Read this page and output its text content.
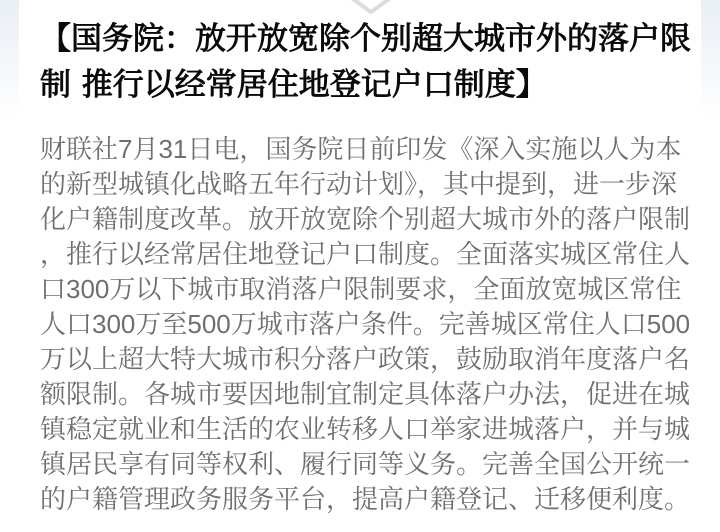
【国务院：放开放宽除个别超大城市外的落户限制 推行以经常居住地登记户口制度】

财联社7月31日电，国务院日前印发《深入实施以人为本的新型城镇化战略五年行动计划》，其中提到，进一步深化户籍制度改革。放开放宽除个别超大城市外的落户限制，推行以经常居住地登记户口制度。全面落实城区常住人口300万以下城市取消落户限制要求，全面放宽城区常住人口300万至500万城市落户条件。完善城区常住人口500万以上超大特大城市积分落户政策，鼓励取消年度落户名额限制。各城市要因地制宜制定具体落户办法，促进在城镇稳定就业和生活的农业转移人口举家进城落户，并与城镇居民享有同等权利、履行同等义务。完善全国公开统一的户籍管理政务服务平台，提高户籍登记、迁移便利度。
